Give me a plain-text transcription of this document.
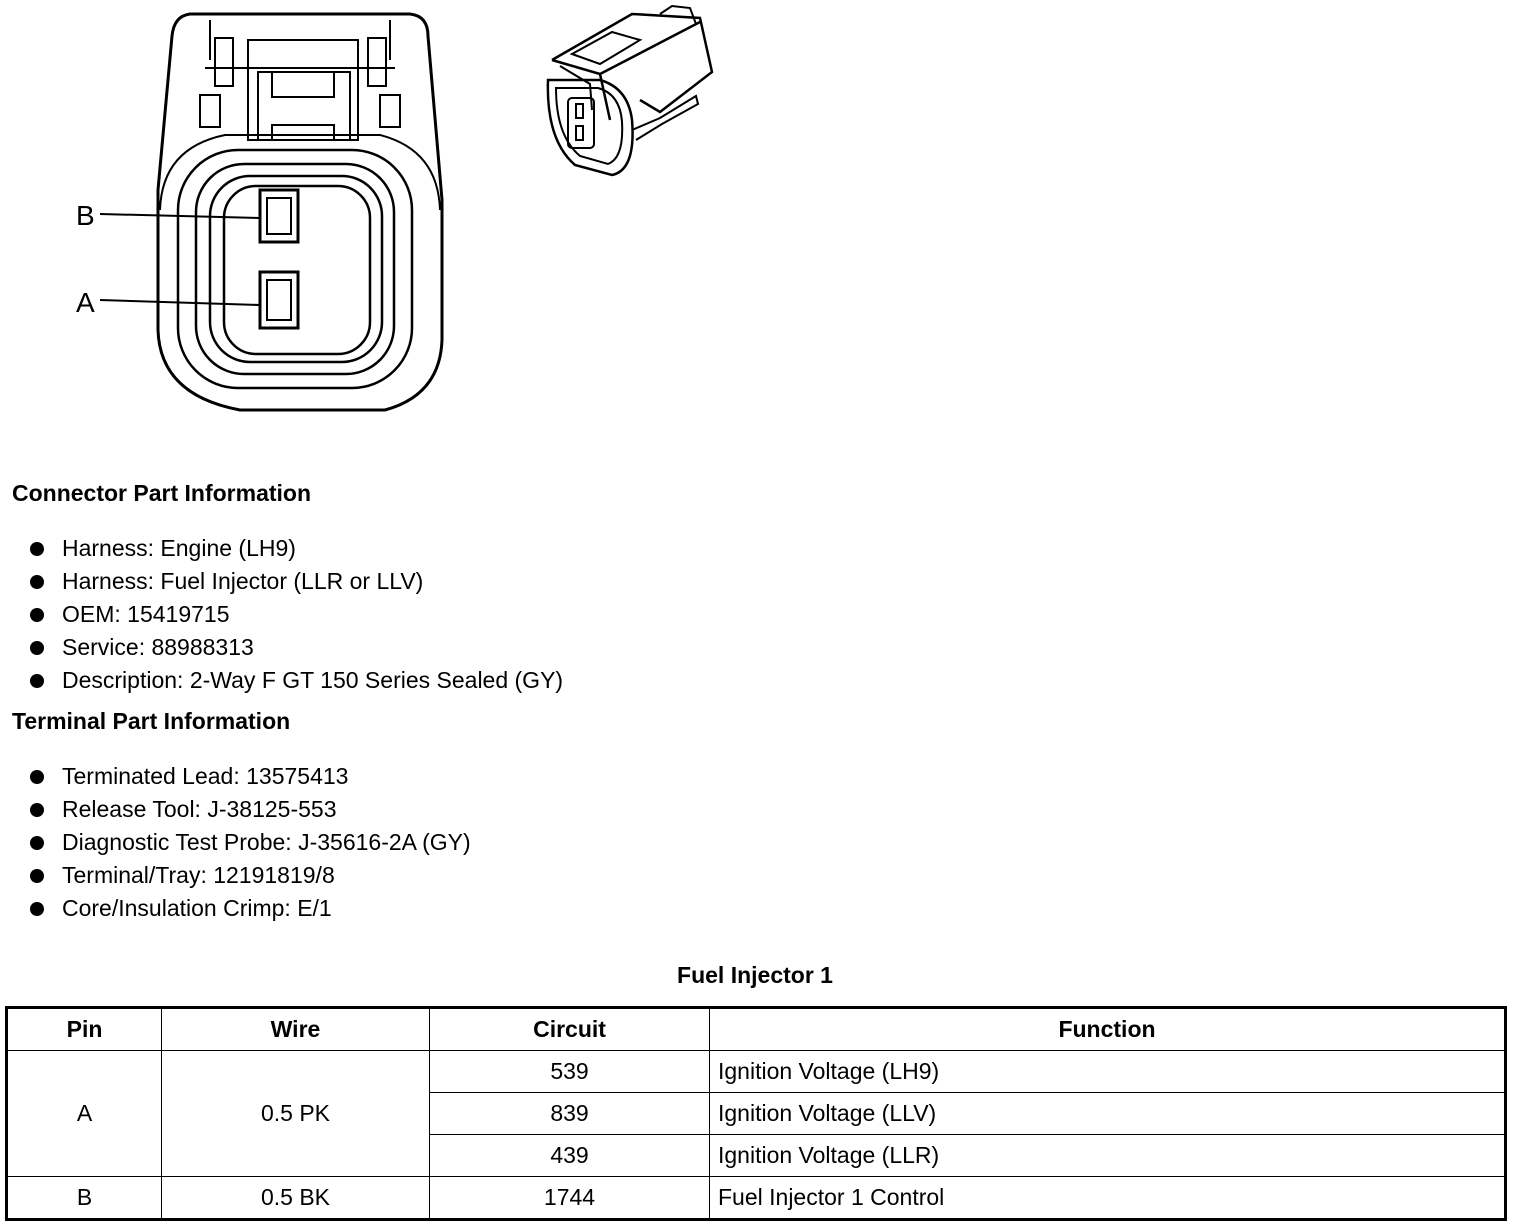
B
A
Connector Part Information
Harness: Engine (LH9)
Harness: Fuel Injector (LLR or LLV)
OEM: 15419715
Service: 88988313
Description: 2-Way F GT 150 Series Sealed (GY)
Terminal Part Information
Terminated Lead: 13575413
Release Tool: J-38125-553
Diagnostic Test Probe: J-35616-2A (GY)
Terminal/Tray: 12191819/8
Core/Insulation Crimp: E/1
Fuel Injector 1
Pin	Wire	Circuit	Function
A	0.5 PK	539	Ignition Voltage (LH9)
		839	Ignition Voltage (LLV)
		439	Ignition Voltage (LLR)
B	0.5 BK	1744	Fuel Injector 1 Control
